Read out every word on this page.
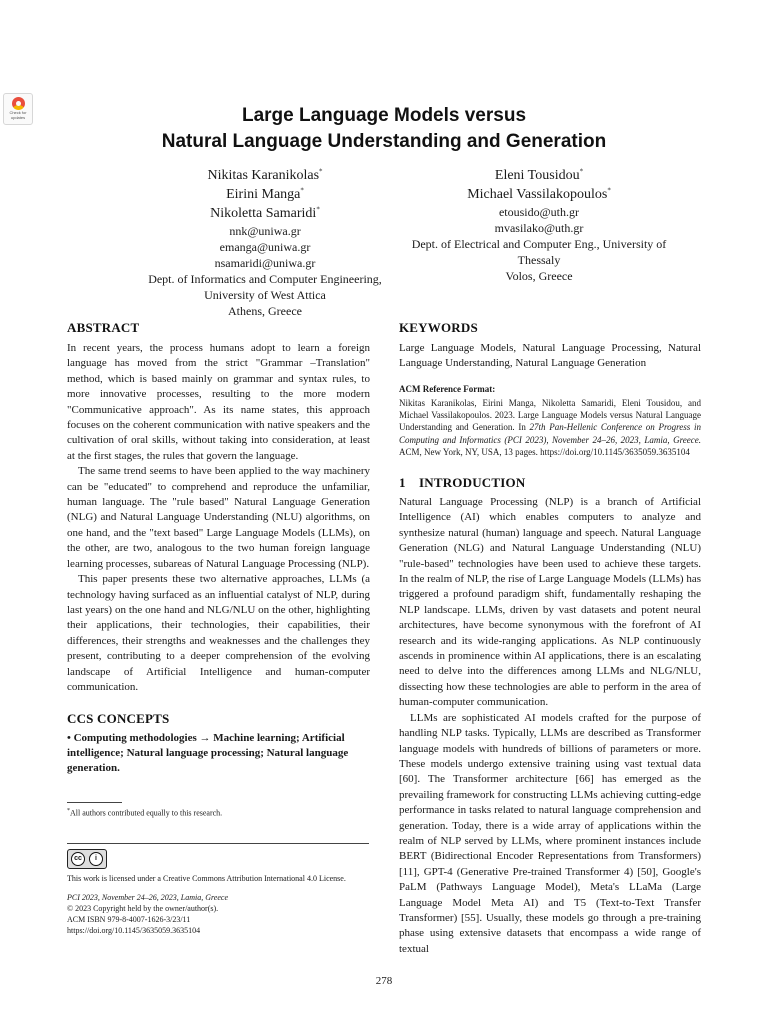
Check for
updates	Large Language Models versus
Natural Language Understanding and Generation
Nikitas Karanikolas*
Eirini Manga*
Nikoletta Samaridi*
nnk@uniwa.gr
emanga@uniwa.gr
nsamaridi@uniwa.gr
Dept. of Informatics and Computer Engineering,
University of West Attica
Athens, Greece
Eleni Tousidou*
Michael Vassilakopoulos*
etousido@uth.gr
mvasilako@uth.gr
Dept. of Electrical and Computer Eng., University of
Thessaly
Volos, Greece
ABSTRACT

In recent years, the process humans adopt to learn a foreign language has moved from the strict "Grammar –Translation" method, which is based mainly on grammar and syntax rules, to more innovative processes, resulting to the more modern "Communicative approach". As its name states, this approach focuses on the coherent communication with native speakers and the cultivation of oral skills, without taking into consideration, at least at the first stages, the rules that govern the language.

The same trend seems to have been applied to the way machinery can be "educated" to comprehend and reproduce the unfamiliar, human language. The "rule based" Natural Language Generation (NLG) and Natural Language Understanding (NLU) algorithms, on one hand, and the "text based" Large Language Models (LLMs), on the other, are two, analogous to the two human foreign language learning processes, subareas of Natural Language Processing (NLP).

This paper presents these two alternative approaches, LLMs (a technology having surfaced as an influential catalyst of NLP, during last years) on the one hand and NLG/NLU on the other, highlighting their applications, their technologies, their capabilities, their differences, their strengths and weaknesses and the challenges they present, contributing to a deeper comprehension of the evolving landscape of Artificial Intelligence and human-computer communication.

CCS CONCEPTS
• Computing methodologies → Machine learning; Artificial intelligence; Natural language processing; Natural language generation.
*All authors contributed equally to this research.
cc	i
This work is licensed under a Creative Commons Attribution International 4.0 License.
PCI 2023, November 24–26, 2023, Lamia, Greece
© 2023 Copyright held by the owner/author(s).
ACM ISBN 979-8-4007-1626-3/23/11
https://doi.org/10.1145/3635059.3635104
KEYWORDS
Large Language Models, Natural Language Processing, Natural Language Understanding, Natural Language Generation
ACM Reference Format:
Nikitas Karanikolas, Eirini Manga, Nikoletta Samaridi, Eleni Tousidou, and Michael Vassilakopoulos. 2023. Large Language Models versus Natural Language Understanding and Generation. In 27th Pan-Hellenic Conference on Progress in Computing and Informatics (PCI 2023), November 24–26, 2023, Lamia, Greece. ACM, New York, NY, USA, 13 pages. https://doi.org/10.1145/3635059.3635104
1 INTRODUCTION

Natural Language Processing (NLP) is a branch of Artificial Intelligence (AI) which enables computers to analyze and synthesize natural (human) language and speech. Natural Language Generation (NLG) and Natural Language Understanding (NLU) "rule-based" technologies have been used to achieve these targets. In the realm of NLP, the rise of Large Language Models (LLMs) has triggered a profound paradigm shift, fundamentally reshaping the NLP landscape. LLMs, driven by vast datasets and potent neural architectures, have become synonymous with the forefront of AI research and its wide-ranging applications. As NLP continuously ascends in prominence within AI applications, there is an escalating need to delve into the differences among LLMs and NLG/NLU, dissecting how these technologies are able to perform in the area of human-computer communication.

LLMs are sophisticated AI models crafted for the purpose of handling NLP tasks. Typically, LLMs are described as Transformer language models with hundreds of billions of parameters or more. These models undergo extensive training using vast textual data [60]. The Transformer architecture [66] has emerged as the prevailing framework for constructing LLMs achieving cutting-edge performance in tasks related to natural language comprehension and generation. Today, there is a wide array of applications within the realm of NLP served by LLMs, where prominent instances include BERT (Bidirectional Encoder Representations from Transformers) [11], GPT-4 (Generative Pre-trained Transformer 4) [50], Google's PaLM (Pathways Language Model), Meta's LLaMa (Large Language Model Meta AI) and T5 (Text-to-Text Transfer Transformer) [55]. Usually, these models go through a pre-training phase using extensive datasets that encompass a wide range of textual

278
